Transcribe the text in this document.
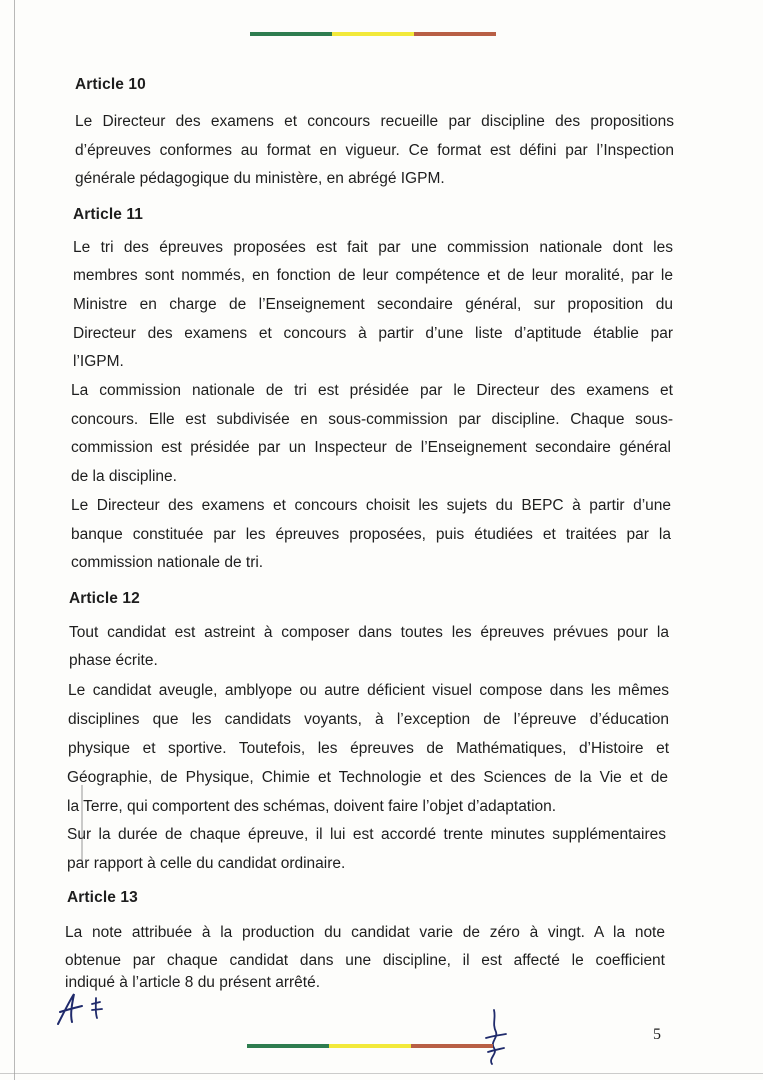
Article 10
Le Directeur des examens et concours recueille par discipline des propositions
d’épreuves conformes au format en vigueur. Ce format est défini par l’Inspection
générale pédagogique du ministère, en abrégé IGPM.
Article 11
Le tri des épreuves proposées est fait par une commission nationale dont les
membres sont nommés, en fonction de leur compétence et de leur moralité, par le
Ministre en charge de l’Enseignement secondaire général, sur proposition du
Directeur des examens et concours à partir d’une liste d’aptitude établie par
l’IGPM.
La commission nationale de tri est présidée par le Directeur des examens et
concours. Elle est subdivisée en sous-commission par discipline. Chaque sous-
commission est présidée par un Inspecteur de l’Enseignement secondaire général
de la discipline.
Le Directeur des examens et concours choisit les sujets du BEPC à partir d’une
banque constituée par les épreuves proposées, puis étudiées et traitées par la
commission nationale de tri.
Article 12
Tout candidat est astreint à composer dans toutes les épreuves prévues pour la
phase écrite.
Le candidat aveugle, amblyope ou autre déficient visuel compose dans les mêmes
disciplines que les candidats voyants, à l’exception de l’épreuve d’éducation
physique et sportive. Toutefois, les épreuves de Mathématiques, d’Histoire et
Géographie, de Physique, Chimie et Technologie et des Sciences de la Vie et de
la Terre, qui comportent des schémas, doivent faire l’objet d’adaptation.
Sur la durée de chaque épreuve, il lui est accordé trente minutes supplémentaires
par rapport à celle du candidat ordinaire.
Article 13
La note attribuée à la production du candidat varie de zéro à vingt. A la note
obtenue par chaque candidat dans une discipline, il est affecté le coefficient
indiqué à l’article 8 du présent arrêté.
5
